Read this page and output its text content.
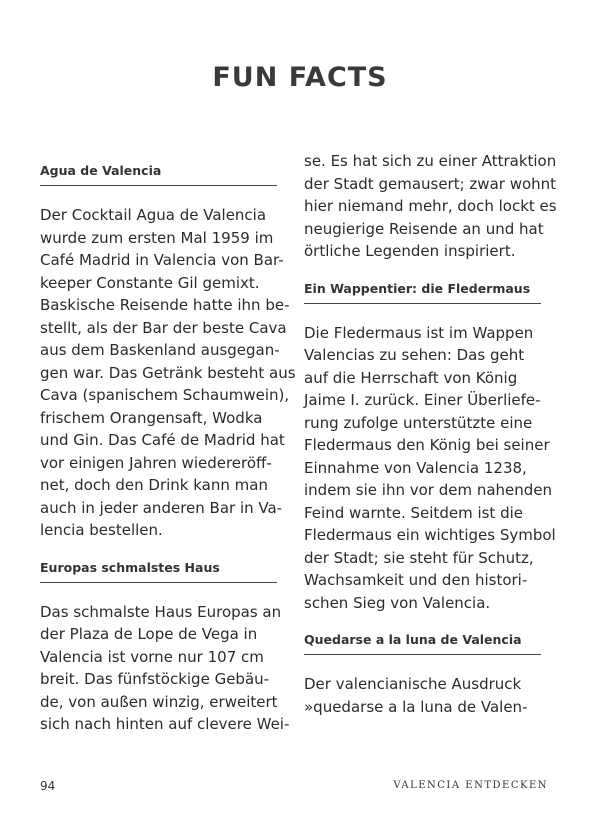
FUN FACTS
Agua de Valencia
Der Cocktail Agua de Valencia
wurde zum ersten Mal 1959 im
Café Madrid in Valencia von Bar-
keeper Constante Gil gemixt.
Baskische Reisende hatte ihn be-
stellt, als der Bar der beste Cava
aus dem Baskenland ausgegan-
gen war. Das Getränk besteht aus
Cava (spanischem Schaumwein),
frischem Orangensaft, Wodka
und Gin. Das Café de Madrid hat
vor einigen Jahren wiedereröff-
net, doch den Drink kann man
auch in jeder anderen Bar in Va-
lencia bestellen.
Europas schmalstes Haus
Das schmalste Haus Europas an
der Plaza de Lope de Vega in
Valencia ist vorne nur 107 cm
breit. Das fünfstöckige Gebäu-
de, von außen winzig, erweitert
sich nach hinten auf clevere Wei-
se. Es hat sich zu einer Attraktion
der Stadt gemausert; zwar wohnt
hier niemand mehr, doch lockt es
neugierige Reisende an und hat
örtliche Legenden inspiriert.
Ein Wappentier: die Fledermaus
Die Fledermaus ist im Wappen
Valencias zu sehen: Das geht
auf die Herrschaft von König
Jaime I. zurück. Einer Überliefe-
rung zufolge unterstützte eine
Fledermaus den König bei seiner
Einnahme von Valencia 1238,
indem sie ihn vor dem nahenden
Feind warnte. Seitdem ist die
Fledermaus ein wichtiges Symbol
der Stadt; sie steht für Schutz,
Wachsamkeit und den histori-
schen Sieg von Valencia.
Quedarse a la luna de Valencia
Der valencianische Ausdruck
»quedarse a la luna de Valen-
94	VALENCIA ENTDECKEN
